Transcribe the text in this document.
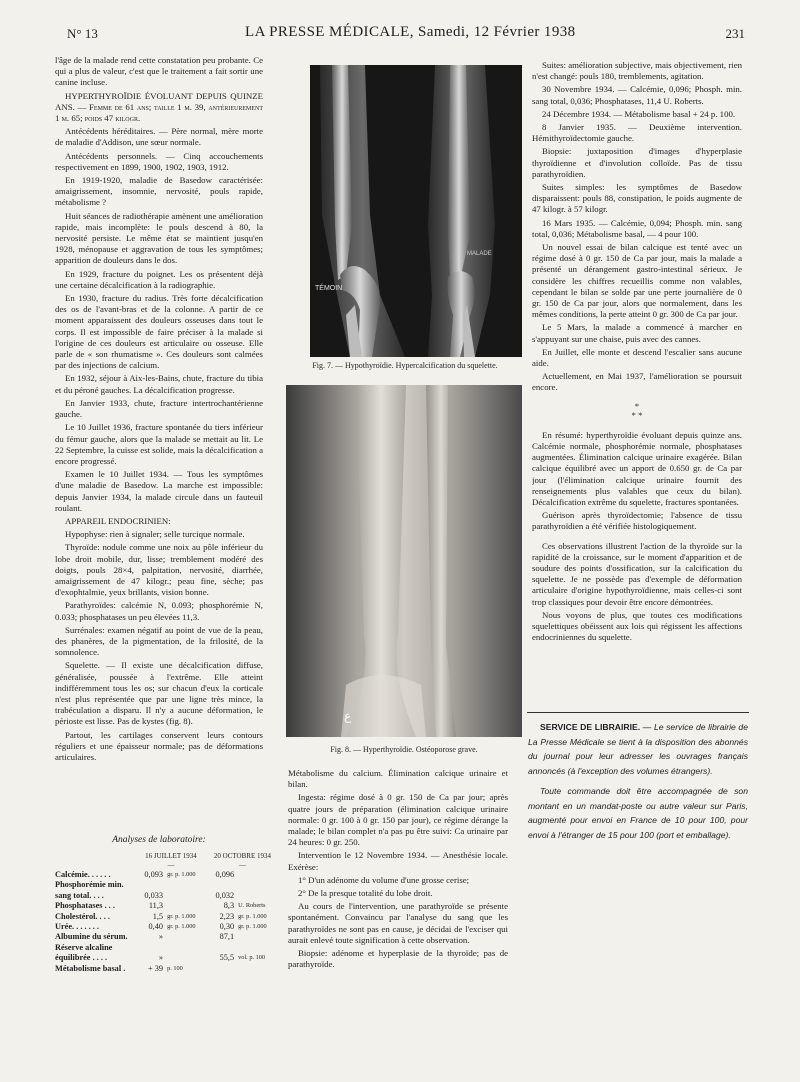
N° 13	LA PRESSE MÉDICALE, Samedi, 12 Février 1938	231

l'âge de la malade rend cette constatation peu probante. Ce qui a plus de valeur, c'est que le traitement a fait sortir une canine incluse.

HYPERTHYROÏDIE ÉVOLUANT DEPUIS QUINZE ANS. — Femme de 61 ans; taille 1 m. 39, antérieurement 1 m. 65; poids 47 kilogr.

Antécédents héréditaires. — Père normal, mère morte de maladie d'Addison, une sœur normale.

Antécédents personnels. — Cinq accouchements respectivement en 1899, 1900, 1902, 1903, 1912.

En 1919-1920, maladie de Basedow caractérisée: amaigrissement, insomnie, nervosité, pouls rapide, métabolisme ?

Huit séances de radiothérapie amènent une amélioration rapide, mais incomplète: le pouls descend à 80, la nervosité persiste. Le même état se maintient jusqu'en 1928, ménopause et aggravation de tous les symptômes; apparition de douleurs dans le dos.

En 1929, fracture du poignet. Les os présentent déjà une certaine décalcification à la radiographie.

En 1930, fracture du radius. Très forte décalcification des os de l'avant-bras et de la colonne. A partir de ce moment apparaissent des douleurs osseuses dans tout le corps. Il est impossible de faire préciser à la malade si l'origine de ces douleurs est articulaire ou osseuse. Elle parle de « son rhumatisme ». Ces douleurs sont calmées par des injections de calcium.

En 1932, séjour à Aix-les-Bains, chute, fracture du tibia et du péroné gauches. La décalcification progresse.

En Janvier 1933, chute, fracture intertrochantérienne gauche.

Le 10 Juillet 1936, fracture spontanée du tiers inférieur du fémur gauche, alors que la malade se mettait au lit. Le 22 Septembre, la cuisse est solide, mais la décalcification a encore progressé.

Examen le 10 Juillet 1934. — Tous les symptômes d'une maladie de Basedow. La marche est impossible: depuis Janvier 1934, la malade circule dans un fauteuil roulant.

APPAREIL ENDOCRINIEN:

Hypophyse: rien à signaler; selle turcique normale.

Thyroïde: nodule comme une noix au pôle inférieur du lobe droit mobile, dur, lisse; tremblement modéré des doigts, pouls 28×4, palpitation, nervosité, diarrhée, amaigrissement de 47 kilogr.; peau fine, sèche; pas d'exophtalmie, yeux brillants, vision bonne.

Parathyroïdes: calcémie N, 0.093; phosphorémie N, 0.033; phosphatases un peu élevées 11,3.

Surrénales: examen négatif au point de vue de la peau, des phanères, de la pigmentation, de la frilosité, de la somnolence.

Squelette. — Il existe une décalcification diffuse, généralisée, poussée à l'extrême. Elle atteint indifféremment tous les os; sur chacun d'eux la corticale n'est plus représentée que par une ligne très mince, la trabéculation a disparu. Il n'y a aucune déformation, le périoste est lisse. Pas de kystes (fig. 8).

Partout, les cartilages conservent leurs contours réguliers et une épaisseur normale; pas de déformations articulaires.

Analyses de laboratoire:
	16 JUILLET 1934		20 OCTOBRE 1934	
	—		—	
Calcémie. . . . . .	0,093	gr. p. 1.000	0,096	
Phosphorémie min.				
sang total. . . .	0,033		0,032	
Phosphatases . . .	11,3		8,3	U. Roberts
Cholestérol. . . .	1,5	gr. p. 1.000	2,23	gr. p. 1.000
Urée. . . . . . .	0,40	gr. p. 1.000	0,30	gr. p. 1.000
Albumine du sérum.	»		87,1	
Réserve alcaline				
équilibrée . . . .	»		55,5	vol. p. 100
Métabolisme basal .	+ 39	p. 100		
TÉMOIN
MALADE
Fig. 7. — Hypothyroïdie. Hypercalcification du squelette.
ع
Fig. 8. — Hyperthyroïdie. Ostéoporose grave.

Métabolisme du calcium. Élimination calcique urinaire et bilan.

Ingesta: régime dosé à 0 gr. 150 de Ca par jour; après quatre jours de préparation (élimination calcique urinaire normale: 0 gr. 100 à 0 gr. 150 par jour), ce régime dérange la malade; le bilan complet n'a pas pu être suivi: Ca urinaire par 24 heures: 0 gr. 250.

Intervention le 12 Novembre 1934. — Anesthésie locale. Exérèse:

1° D'un adénome du volume d'une grosse cerise;

2° De la presque totalité du lobe droit.

Au cours de l'intervention, une parathyroïde se présente spontanément. Convaincu par l'analyse du sang que les parathyroïdes ne sont pas en cause, je décidai de l'exciser qui aurait enlevé toute signification à cette observation.

Biopsie: adénome et hyperplasie de la thyroïde; pas de parathyroïde.

Suites: amélioration subjective, mais objectivement, rien n'est changé: pouls 180, tremblements, agitation.

30 Novembre 1934. — Calcémie, 0,096; Phosph. min. sang total, 0,036; Phosphatases, 11,4 U. Roberts.

24 Décembre 1934. — Métabolisme basal + 24 p. 100.

8 Janvier 1935. — Deuxième intervention. Hémithyroïdectomie gauche.

Biopsie: juxtaposition d'images d'hyperplasie thyroïdienne et d'involution colloïde. Pas de tissu parathyroïdien.

Suites simples: les symptômes de Basedow disparaissent: pouls 88, constipation, le poids augmente de 47 kilogr. à 57 kilogr.

16 Mars 1935. — Calcémie, 0,094; Phosph. min. sang total, 0,036; Métabolisme basal, — 4 pour 100.

Un nouvel essai de bilan calcique est tenté avec un régime dosé à 0 gr. 150 de Ca par jour, mais la malade a présenté un dérangement gastro-intestinal sérieux. Je considère les chiffres recueillis comme non valables, cependant le bilan se solde par une perte journalière de 0 gr. 150 de Ca par jour, alors que normalement, dans les mêmes conditions, la perte atteint 0 gr. 300 de Ca par jour.

Le 5 Mars, la malade a commencé à marcher en s'appuyant sur une chaise, puis avec des cannes.

En Juillet, elle monte et descend l'escalier sans aucune aide.

Actuellement, en Mai 1937, l'amélioration se poursuit encore.

*
* *

En résumé: hyperthyroïdie évoluant depuis quinze ans. Calcémie normale, phosphorémie normale, phosphatases augmentées. Élimination calcique urinaire exagérée. Bilan calcique équilibré avec un apport de 0.650 gr. de Ca par jour (l'élimination calcique urinaire fournit des renseignements plus valables que ceux du bilan). Décalcification extrême du squelette, fractures spontanées.

Guérison après thyroïdectomie; l'absence de tissu parathyroïdien a été vérifiée histologiquement.

Ces observations illustrent l'action de la thyroïde sur la rapidité de la croissance, sur le moment d'apparition et de soudure des points d'ossification, sur la calcification du squelette. Je ne possède pas d'exemple de déformation articulaire d'origine hypothyroïdienne, mais celles-ci sont trop classiques pour devoir être encore démontrées.

Nous voyons de plus, que toutes ces modifications squelettiques obéissent aux lois qui régissent les affections endocriniennes du squelette.

SERVICE DE LIBRAIRIE. — Le service de librairie de La Presse Médicale se tient à la disposition des abonnés du journal pour leur adresser les ouvrages français annoncés (à l'exception des volumes étrangers).

Toute commande doit être accompagnée de son montant en un mandat-poste ou autre valeur sur Paris, augmenté pour envoi en France de 10 pour 100, pour envoi à l'étranger de 15 pour 100 (port et emballage).
